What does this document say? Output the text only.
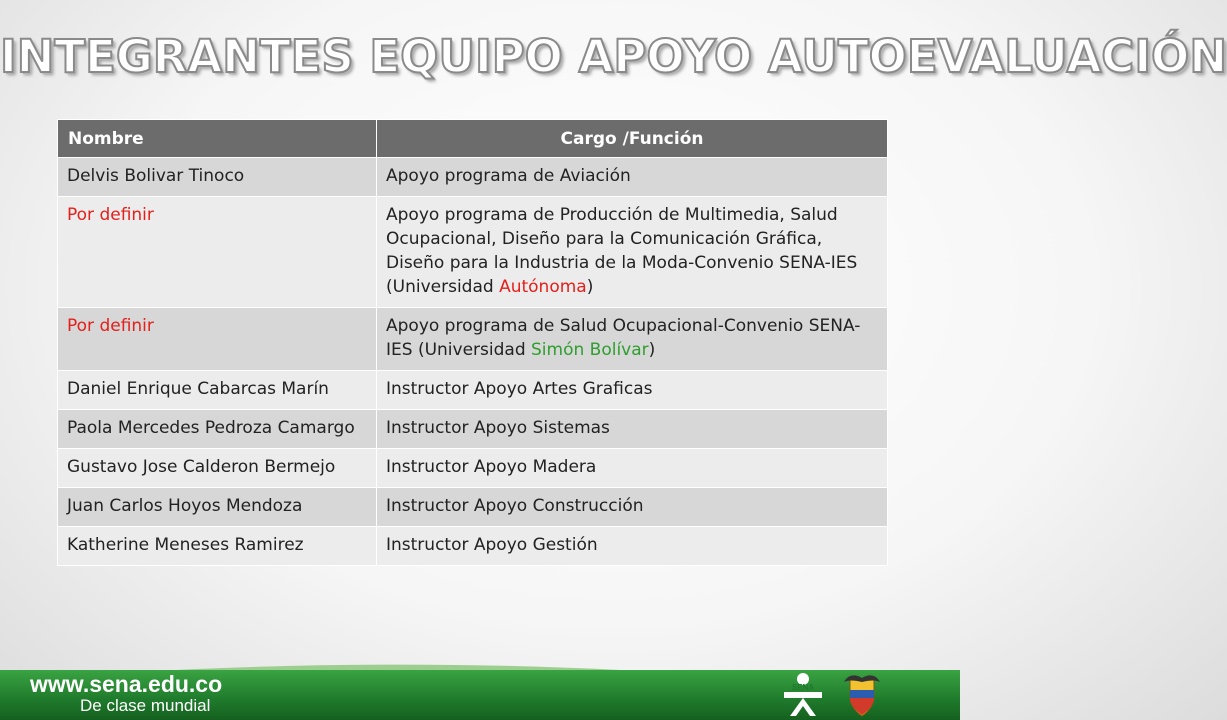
INTEGRANTES EQUIPO APOYO AUTOEVALUACIÓN
Nombre	Cargo /Función
Delvis Bolivar Tinoco	Apoyo programa de Aviación
Por definir	Apoyo programa de Producción de Multimedia, Salud Ocupacional, Diseño para la Comunicación Gráfica, Diseño para la Industria de la Moda-Convenio SENA-IES (Universidad Autónoma)
Por definir	Apoyo programa de Salud Ocupacional-Convenio SENA-IES (Universidad Simón Bolívar)
Daniel Enrique Cabarcas Marín	Instructor Apoyo Artes Graficas
Paola Mercedes Pedroza Camargo	Instructor Apoyo Sistemas
Gustavo Jose Calderon Bermejo	Instructor Apoyo Madera
Juan Carlos Hoyos Mendoza	Instructor Apoyo Construcción
Katherine Meneses Ramirez	Instructor Apoyo Gestión
www.sena.edu.co
De clase mundial
SENA
